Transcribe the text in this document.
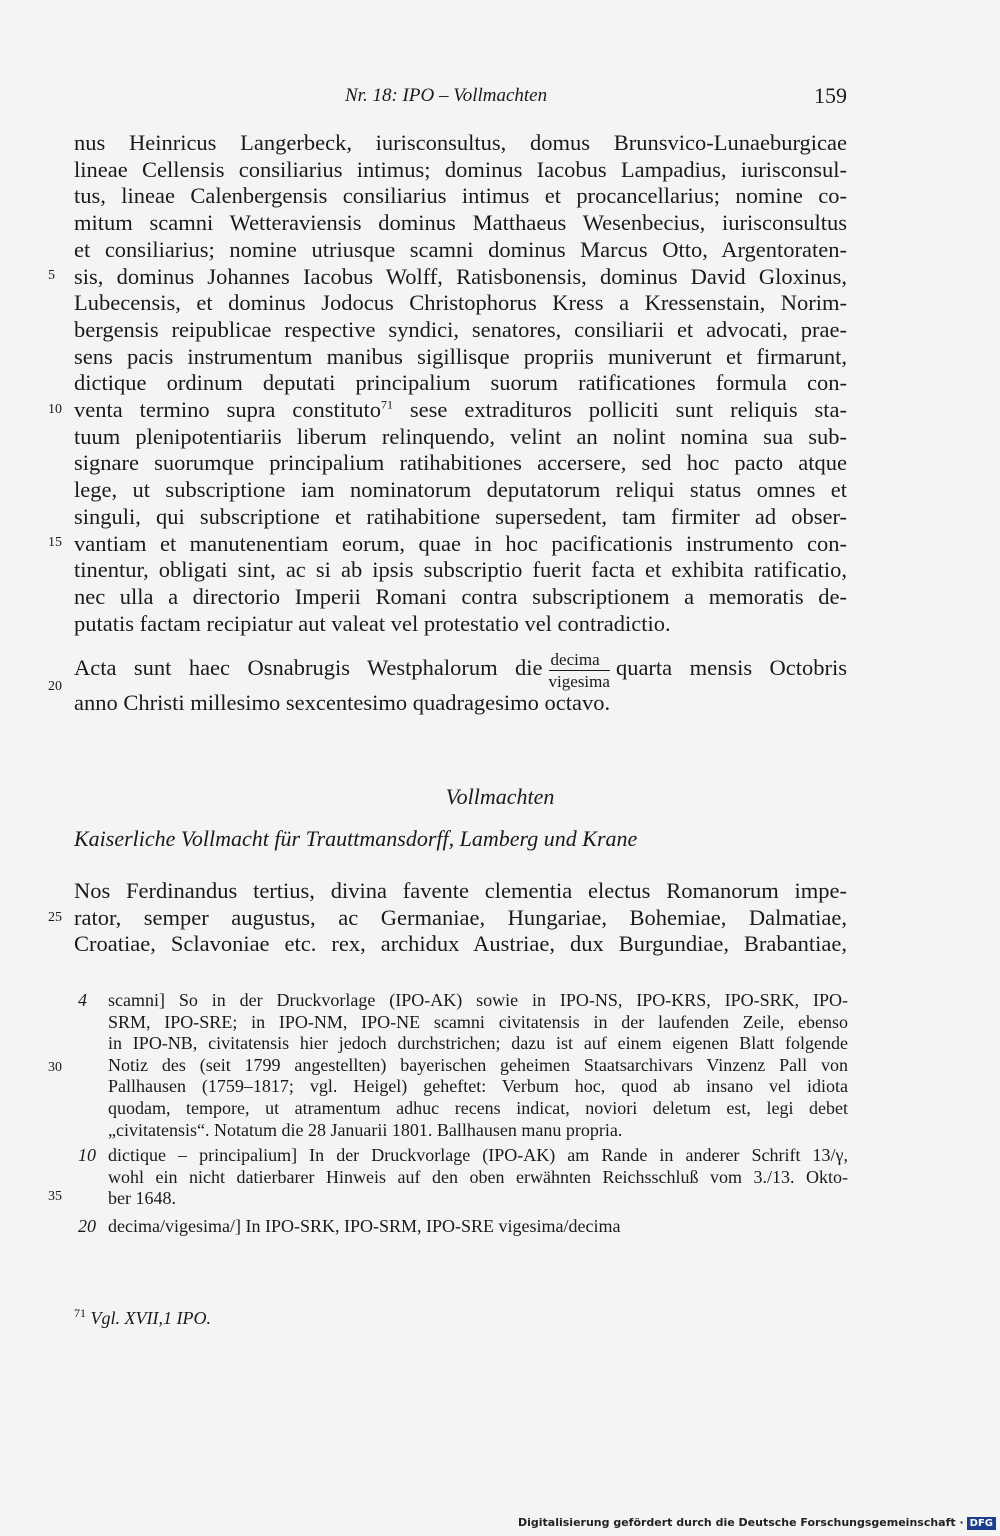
Nr. 18: IPO – Vollmachten	159
5
10
15
nus Heinricus Langerbeck, iurisconsultus, domus Brunsvico-Lunaeburgicae
lineae Cellensis consiliarius intimus; dominus Iacobus Lampadius, iurisconsul-
tus, lineae Calenbergensis consiliarius intimus et procancellarius; nomine co-
mitum scamni Wetteraviensis dominus Matthaeus Wesenbecius, iurisconsultus
et consiliarius; nomine utriusque scamni dominus Marcus Otto, Argentoraten-
sis, dominus Johannes Iacobus Wolff, Ratisbonensis, dominus David Gloxinus,
Lubecensis, et dominus Jodocus Christophorus Kress a Kressenstain, Norim-
bergensis reipublicae respective syndici, senatores, consiliarii et advocati, prae-
sens pacis instrumentum manibus sigillisque propriis muniverunt et firmarunt,
dictique ordinum deputati principalium suorum ratificationes formula con-
venta termino supra constituto$^{71}$ sese extradituros polliciti sunt reliquis sta-
tuum plenipotentiariis liberum relinquendo, velint an nolint nomina sua sub-
signare suorumque principalium ratihabitiones accersere, sed hoc pacto atque
lege, ut subscriptione iam nominatorum deputatorum reliqui status omnes et
singuli, qui subscriptione et ratihabitione supersedent, tam firmiter ad obser-
vantiam et manutenentiam eorum, quae in hoc pacificationis instrumento con-
tinentur, obligati sint, ac si ab ipsis subscriptio fuerit facta et exhibita ratificatio,
nec ulla a directorio Imperii Romani contra subscriptionem a memoratis de-
putatis factam recipiatur aut valeat vel protestatio vel contradictio.
20
Acta sunt haec Osnabrugis Westphalorum die $\frac{\text{decima}}{\text{vigesima}}$ quarta mensis Octobris
anno Christi millesimo sexcentesimo quadragesimo octavo.
Vollmachten
Kaiserliche Vollmacht für Trauttmansdorff, Lamberg und Krane
25
Nos Ferdinandus tertius, divina favente clementia electus Romanorum impe-
rator, semper augustus, ac Germaniae, Hungariae, Bohemiae, Dalmatiae,
Croatiae, Sclavoniae etc. rex, archidux Austriae, dux Burgundiae, Brabantiae,
30
35
4 scamni] So in der Druckvorlage (IPO-AK) sowie in IPO-NS, IPO-KRS, IPO-SRK, IPO-
SRM, IPO-SRE; in IPO-NM, IPO-NE scamni civitatensis in der laufenden Zeile, ebenso
in IPO-NB, civitatensis hier jedoch durchstrichen; dazu ist auf einem eigenen Blatt folgende
Notiz des (seit 1799 angestellten) bayerischen geheimen Staatsarchivars Vinzenz Pall von
Pallhausen (1759–1817; vgl. Heigel) geheftet: Verbum hoc, quod ab insano vel idiota
quodam, tempore, ut atramentum adhuc recens indicat, noviori deletum est, legi debet
„civitatensis“. Notatum die 28 Januarii 1801. Ballhausen manu propria.
10 dictique – principalium] In der Druckvorlage (IPO-AK) am Rande in anderer Schrift 13/γ,
wohl ein nicht datierbarer Hinweis auf den oben erwähnten Reichsschluß vom 3./13. Okto-
ber 1648.
20 decima/vigesima/] In IPO-SRK, IPO-SRM, IPO-SRE vigesima/decima
$^{71}$ Vgl. XVII,1 IPO.
Digitalisierung gefördert durch die Deutsche Forschungsgemeinschaft · DFG
